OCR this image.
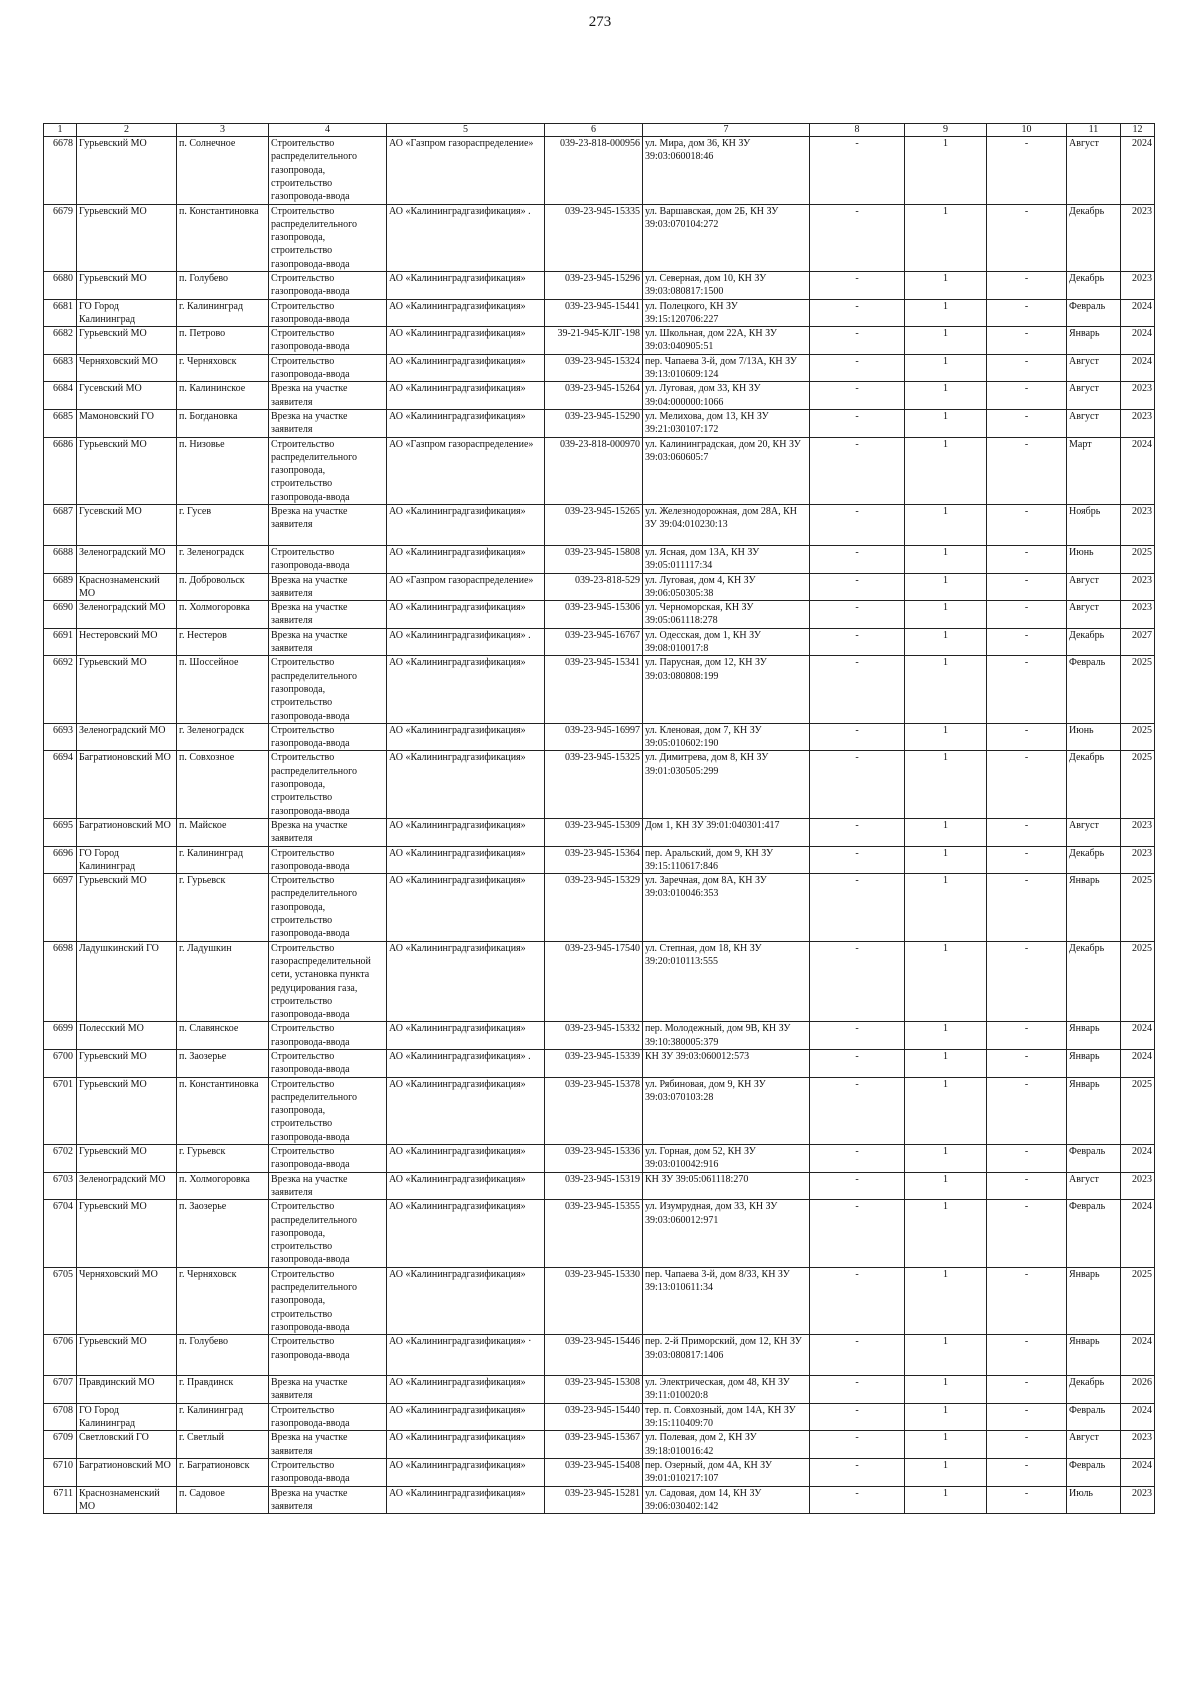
273
1	2	3	4	5	6	7	8	9	10	11	12
6678	Гурьевский МО	п. Солнечное	Строительство распределительного газопровода, строительство газопровода-ввода	АО «Газпром газораспределение»	039-23-818-000956	ул. Мира, дом 36, КН ЗУ 39:03:060018:46	-	1	-	Август	2024
6679	Гурьевский МО	п. Константиновка	Строительство распределительного газопровода, строительство газопровода-ввода	АО «Калининградгазификация» .	039-23-945-15335	ул. Варшавская, дом 2Б, КН ЗУ 39:03:070104:272	-	1	-	Декабрь	2023
6680	Гурьевский МО	п. Голубево	Строительство газопровода-ввода	АО «Калининградгазификация»	039-23-945-15296	ул. Северная, дом 10, КН ЗУ 39:03:080817:1500	-	1	-	Декабрь	2023
6681	ГО Город Калининград	г. Калининград	Строительство газопровода-ввода	АО «Калининградгазификация»	039-23-945-15441	ул. Полецкого, КН ЗУ 39:15:120706:227	-	1	-	Февраль	2024
6682	Гурьевский МО	п. Петрово	Строительство газопровода-ввода	АО «Калининградгазификация»	39-21-945-КЛГ-198	ул. Школьная, дом 22А, КН ЗУ 39:03:040905:51	-	1	-	Январь	2024
6683	Черняховский МО	г. Черняховск	Строительство газопровода-ввода	АО «Калининградгазификация»	039-23-945-15324	пер. Чапаева 3-й, дом 7/13А, КН ЗУ 39:13:010609:124	-	1	-	Август	2024
6684	Гусевский МО	п. Калининское	Врезка на участке заявителя	АО «Калининградгазификация»	039-23-945-15264	ул. Луговая, дом 33, КН ЗУ 39:04:000000:1066	-	1	-	Август	2023
6685	Мамоновский ГО	п. Богдановка	Врезка на участке заявителя	АО «Калининградгазификация»	039-23-945-15290	ул. Мелихова, дом 13, КН ЗУ 39:21:030107:172	-	1	-	Август	2023
6686	Гурьевский МО	п. Низовье	Строительство распределительного газопровода, строительство газопровода-ввода	АО «Газпром газораспределение»	039-23-818-000970	ул. Калининградская, дом 20, КН ЗУ 39:03:060605:7	-	1	-	Март	2024
6687	Гусевский МО	г. Гусев	Врезка на участке заявителя	АО «Калининградгазификация»	039-23-945-15265	ул. Железнодорожная, дом 28А, КН ЗУ 39:04:010230:13	-	1	-	Ноябрь	2023
6688	Зеленоградский МО	г. Зеленоградск	Строительство газопровода-ввода	АО «Калининградгазификация»	039-23-945-15808	ул. Ясная, дом 13А, КН ЗУ 39:05:011117:34	-	1	-	Июнь	2025
6689	Краснознаменский МО	п. Добровольск	Врезка на участке заявителя	АО «Газпром газораспределение»	039-23-818-529	ул. Луговая, дом 4, КН ЗУ 39:06:050305:38	-	1	-	Август	2023
6690	Зеленоградский МО	п. Холмогоровка	Врезка на участке заявителя	АО «Калининградгазификация»	039-23-945-15306	ул. Черноморская, КН ЗУ 39:05:061118:278	-	1	-	Август	2023
6691	Нестеровский МО	г. Нестеров	Врезка на участке заявителя	АО «Калининградгазификация» .	039-23-945-16767	ул. Одесская, дом 1, КН ЗУ 39:08:010017:8	-	1	-	Декабрь	2027
6692	Гурьевский МО	п. Шоссейное	Строительство распределительного газопровода, строительство газопровода-ввода	АО «Калининградгазификация»	039-23-945-15341	ул. Парусная, дом 12, КН ЗУ 39:03:080808:199	-	1	-	Февраль	2025
6693	Зеленоградский МО	г. Зеленоградск	Строительство газопровода-ввода	АО «Калининградгазификация»	039-23-945-16997	ул. Кленовая, дом 7, КН ЗУ 39:05:010602:190	-	1	-	Июнь	2025
6694	Багратионовский МО	п. Совхозное	Строительство распределительного газопровода, строительство газопровода-ввода	АО «Калининградгазификация»	039-23-945-15325	ул. Димитрева, дом 8, КН ЗУ 39:01:030505:299	-	1	-	Декабрь	2025
6695	Багратионовский МО	п. Майское	Врезка на участке заявителя	АО «Калининградгазификация»	039-23-945-15309	Дом 1, КН ЗУ 39:01:040301:417	-	1	-	Август	2023
6696	ГО Город Калининград	г. Калининград	Строительство газопровода-ввода	АО «Калининградгазификация»	039-23-945-15364	пер. Аральский, дом 9, КН ЗУ 39:15:110617:846	-	1	-	Декабрь	2023
6697	Гурьевский МО	г. Гурьевск	Строительство распределительного газопровода, строительство газопровода-ввода	АО «Калининградгазификация»	039-23-945-15329	ул. Заречная, дом 8А, КН ЗУ 39:03:010046:353	-	1	-	Январь	2025
6698	Ладушкинский ГО	г. Ладушкин	Строительство газораспределительной сети, установка пункта редуцирования газа, строительство газопровода-ввода	АО «Калининградгазификация»	039-23-945-17540	ул. Степная, дом 18, КН ЗУ 39:20:010113:555	-	1	-	Декабрь	2025
6699	Полесский МО	п. Славянское	Строительство газопровода-ввода	АО «Калининградгазификация»	039-23-945-15332	пер. Молодежный, дом 9В, КН ЗУ 39:10:380005:379	-	1	-	Январь	2024
6700	Гурьевский МО	п. Заозерье	Строительство газопровода-ввода	АО «Калининградгазификация» .	039-23-945-15339	КН ЗУ 39:03:060012:573	-	1	-	Январь	2024
6701	Гурьевский МО	п. Константиновка	Строительство распределительного газопровода, строительство газопровода-ввода	АО «Калининградгазификация»	039-23-945-15378	ул. Рябиновая, дом 9, КН ЗУ 39:03:070103:28	-	1	-	Январь	2025
6702	Гурьевский МО	г. Гурьевск	Строительство газопровода-ввода	АО «Калининградгазификация»	039-23-945-15336	ул. Горная, дом 52, КН ЗУ 39:03:010042:916	-	1	-	Февраль	2024
6703	Зеленоградский МО	п. Холмогоровка	Врезка на участке заявителя	АО «Калининградгазификация»	039-23-945-15319	КН ЗУ 39:05:061118:270	-	1	-	Август	2023
6704	Гурьевский МО	п. Заозерье	Строительство распределительного газопровода, строительство газопровода-ввода	АО «Калининградгазификация»	039-23-945-15355	ул. Изумрудная, дом 33, КН ЗУ 39:03:060012:971	-	1	-	Февраль	2024
6705	Черняховский МО	г. Черняховск	Строительство распределительного газопровода, строительство газопровода-ввода	АО «Калининградгазификация»	039-23-945-15330	пер. Чапаева 3-й, дом 8/33, КН ЗУ 39:13:010611:34	-	1	-	Январь	2025
6706	Гурьевский МО	п. Голубево	Строительство газопровода-ввода	АО «Калининградгазификация» ·	039-23-945-15446	пер. 2-й Приморский, дом 12, КН ЗУ 39:03:080817:1406	-	1	-	Январь	2024
6707	Правдинский МО	г. Правдинск	Врезка на участке заявителя	АО «Калининградгазификация»	039-23-945-15308	ул. Электрическая, дом 48, КН ЗУ 39:11:010020:8	-	1	-	Декабрь	2026
6708	ГО Город Калининград	г. Калининград	Строительство газопровода-ввода	АО «Калининградгазификация»	039-23-945-15440	тер. п. Совхозный, дом 14А, КН ЗУ 39:15:110409:70	-	1	-	Февраль	2024
6709	Светловский ГО	г. Светлый	Врезка на участке заявителя	АО «Калининградгазификация»	039-23-945-15367	ул. Полевая, дом 2, КН ЗУ 39:18:010016:42	-	1	-	Август	2023
6710	Багратионовский МО	г. Багратионовск	Строительство газопровода-ввода	АО «Калининградгазификация»	039-23-945-15408	пер. Озерный, дом 4А, КН ЗУ 39:01:010217:107	-	1	-	Февраль	2024
6711	Краснознаменский МО	п. Садовое	Врезка на участке заявителя	АО «Калининградгазификация»	039-23-945-15281	ул. Садовая, дом 14, КН ЗУ 39:06:030402:142	-	1	-	Июль	2023
